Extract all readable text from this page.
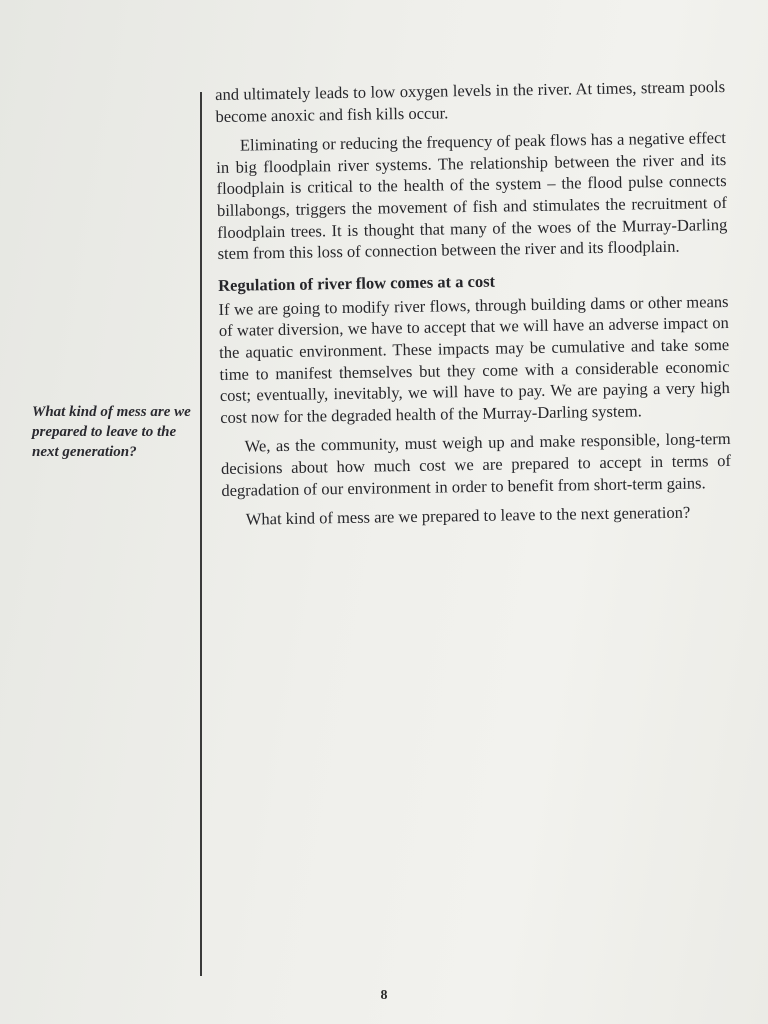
What kind of mess are we prepared to leave to the next generation?

and ultimately leads to low oxygen levels in the river. At times, stream pools become anoxic and fish kills occur.

Eliminating or reducing the frequency of peak flows has a negative effect in big floodplain river systems. The relationship between the river and its floodplain is critical to the health of the system – the flood pulse connects billabongs, triggers the movement of fish and stimulates the recruitment of floodplain trees. It is thought that many of the woes of the Murray-Darling stem from this loss of connection between the river and its floodplain.

Regulation of river flow comes at a cost

If we are going to modify river flows, through building dams or other means of water diversion, we have to accept that we will have an adverse impact on the aquatic environment. These impacts may be cumulative and take some time to manifest themselves but they come with a considerable economic cost; eventually, inevitably, we will have to pay. We are paying a very high cost now for the degraded health of the Murray-Darling system.

We, as the community, must weigh up and make responsible, long-term decisions about how much cost we are prepared to accept in terms of degradation of our environment in order to benefit from short-term gains.

What kind of mess are we prepared to leave to the next generation?

8
